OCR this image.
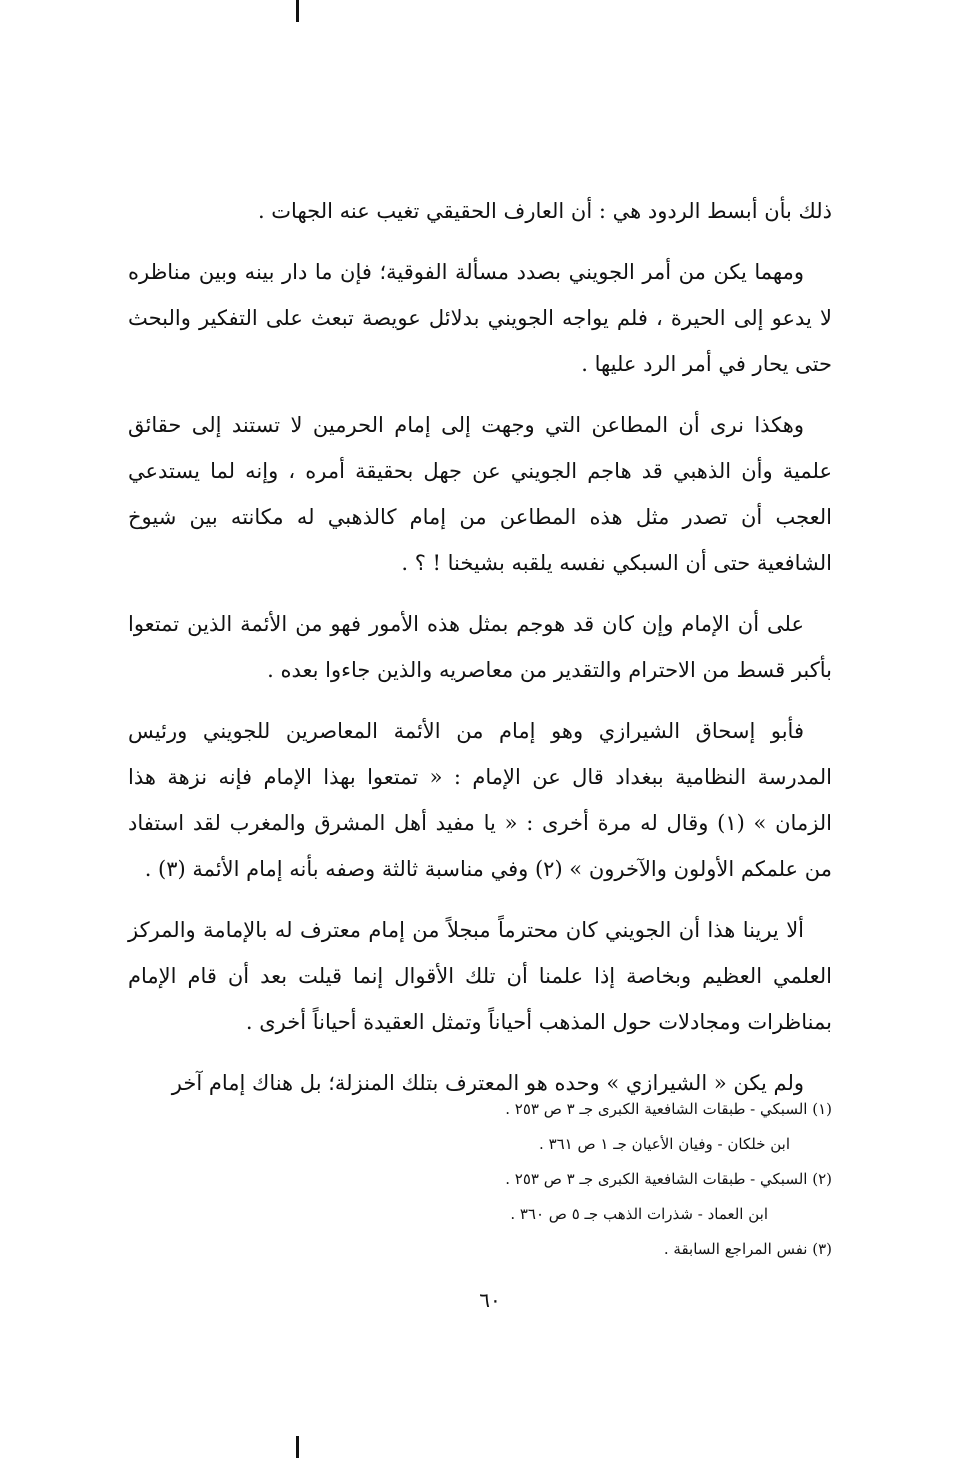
ذلك بأن أبسط الردود هي : أن العارف الحقيقي تغيب عنه الجهات .

ومهما يكن من أمر الجويني بصدد مسألة الفوقية؛ فإن ما دار بينه وبين مناظره لا يدعو إلى الحيرة ، فلم يواجه الجويني بدلائل عويصة تبعث على التفكير والبحث حتى يحار في أمر الرد عليها .

وهكذا نرى أن المطاعن التي وجهت إلى إمام الحرمين لا تستند إلى حقائق علمية وأن الذهبي قد هاجم الجويني عن جهل بحقيقة أمره ، وإنه لما يستدعي العجب أن تصدر مثل هذه المطاعن من إمام كالذهبي له مكانته بين شيوخ الشافعية حتى أن السبكي نفسه يلقبه بشيخنا ! ؟ .

على أن الإمام وإن كان قد هوجم بمثل هذه الأمور فهو من الأئمة الذين تمتعوا بأكبر قسط من الاحترام والتقدير من معاصريه والذين جاءوا بعده .

فأبو إسحاق الشيرازي وهو إمام من الأئمة المعاصرين للجويني ورئيس المدرسة النظامية ببغداد قال عن الإمام : « تمتعوا بهذا الإمام فإنه نزهة هذا الزمان » (١) وقال له مرة أخرى : « يا مفيد أهل المشرق والمغرب لقد استفاد من علمكم الأولون والآخرون » (٢) وفي مناسبة ثالثة وصفه بأنه إمام الأئمة (٣) .

ألا يرينا هذا أن الجويني كان محترماً مبجلاً من إمام معترف له بالإمامة والمركز العلمي العظيم وبخاصة إذا علمنا أن تلك الأقوال إنما قيلت بعد أن قام الإمام بمناظرات ومجادلات حول المذهب أحياناً وتمثل العقيدة أحياناً أخرى .

ولم يكن « الشيرازي » وحده هو المعترف بتلك المنزلة؛ بل هناك إمام آخر

(١) السبكي - طبقات الشافعية الكبرى جـ ٣ ص ٢٥٣ .
ابن خلكان - وفيان الأعيان جـ ١ ص ٣٦١ .
(٢) السبكي - طبقات الشافعية الكبرى جـ ٣ ص ٢٥٣ .
ابن العماد - شذرات الذهب جـ ٥ ص ٣٦٠ .
(٣) نفس المراجع السابقة .
٦٠
